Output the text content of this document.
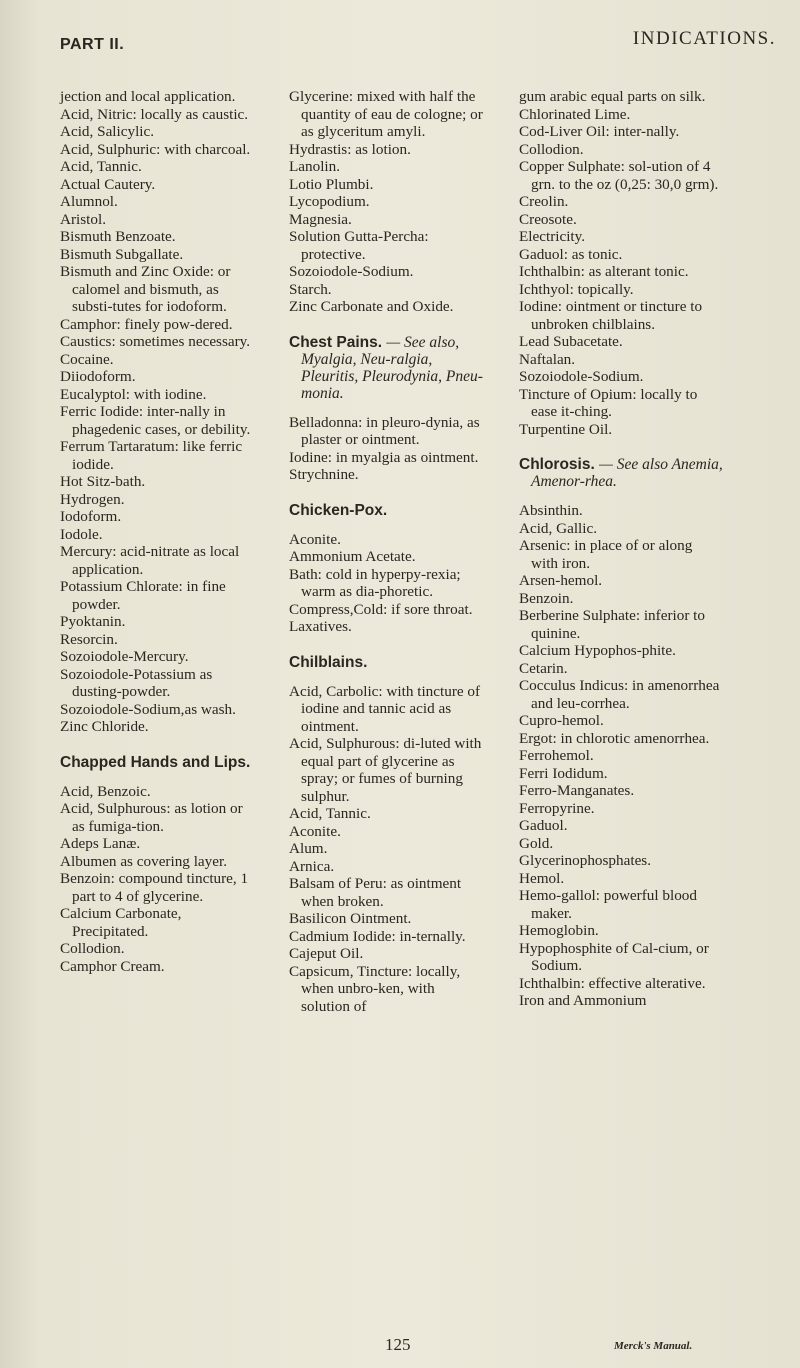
PART II.	INDICATIONS.

jection and local application.

Acid, Nitric: locally as caustic.

Acid, Salicylic.

Acid, Sulphuric: with charcoal.

Acid, Tannic.

Actual Cautery.

Alumnol.

Aristol.

Bismuth Benzoate.

Bismuth Subgallate.

Bismuth and Zinc Oxide: or calomel and bismuth, as substi-tutes for iodoform.

Camphor: finely pow-dered.

Caustics: sometimes necessary.

Cocaine.

Diiodoform.

Eucalyptol: with iodine.

Ferric Iodide: inter-nally in phagedenic cases, or debility.

Ferrum Tartaratum: like ferric iodide.

Hot Sitz-bath.

Hydrogen.

Iodoform.

Iodole.

Mercury: acid-nitrate as local application.

Potassium Chlorate: in fine powder.

Pyoktanin.

Resorcin.

Sozoiodole-Mercury.

Sozoiodole-Potassium as dusting-powder.

Sozoiodole-Sodium,as wash.

Zinc Chloride.

Chapped Hands and Lips.

Acid, Benzoic.

Acid, Sulphurous: as lotion or as fumiga-tion.

Adeps Lanæ.

Albumen as covering layer.

Benzoin: compound tincture, 1 part to 4 of glycerine.

Calcium Carbonate, Precipitated.

Collodion.

Camphor Cream.

Glycerine: mixed with half the quantity of eau de cologne; or as glyceritum amyli.

Hydrastis: as lotion.

Lanolin.

Lotio Plumbi.

Lycopodium.

Magnesia.

Solution Gutta-Percha: protective.

Sozoiodole-Sodium.

Starch.

Zinc Carbonate and Oxide.

Chest Pains. — See also, Myalgia, Neu-ralgia, Pleuritis, Pleurodynia, Pneu-monia.

Belladonna: in pleuro-dynia, as plaster or ointment.

Iodine: in myalgia as ointment.

Strychnine.

Chicken-Pox.

Aconite.

Ammonium Acetate.

Bath: cold in hyperpy-rexia; warm as dia-phoretic.

Compress,Cold: if sore throat.

Laxatives.

Chilblains.

Acid, Carbolic: with tincture of iodine and tannic acid as ointment.

Acid, Sulphurous: di-luted with equal part of glycerine as spray; or fumes of burning sulphur.

Acid, Tannic.

Aconite.

Alum.

Arnica.

Balsam of Peru: as ointment when broken.

Basilicon Ointment.

Cadmium Iodide: in-ternally.

Cajeput Oil.

Capsicum, Tincture: locally, when unbro-ken, with solution of

gum arabic equal parts on silk.

Chlorinated Lime.

Cod-Liver Oil: inter-nally.

Collodion.

Copper Sulphate: sol-ution of 4 grn. to the oz (0,25: 30,0 grm).

Creolin.

Creosote.

Electricity.

Gaduol: as tonic.

Ichthalbin: as alterant tonic.

Ichthyol: topically.

Iodine: ointment or tincture to unbroken chilblains.

Lead Subacetate.

Naftalan.

Sozoiodole-Sodium.

Tincture of Opium: locally to ease it-ching.

Turpentine Oil.

Chlorosis. — See also Anemia, Amenor-rhea.

Absinthin.

Acid, Gallic.

Arsenic: in place of or along with iron.

Arsen-hemol.

Benzoin.

Berberine Sulphate: inferior to quinine.

Calcium Hypophos-phite.

Cetarin.

Cocculus Indicus: in amenorrhea and leu-corrhea.

Cupro-hemol.

Ergot: in chlorotic amenorrhea.

Ferrohemol.

Ferri Iodidum.

Ferro-Manganates.

Ferropyrine.

Gaduol.

Gold.

Glycerinophosphates.

Hemol.

Hemo-gallol: powerful blood maker.

Hemoglobin.

Hypophosphite of Cal-cium, or Sodium.

Ichthalbin: effective alterative.

Iron and Ammonium

125	Merck's Manual.
